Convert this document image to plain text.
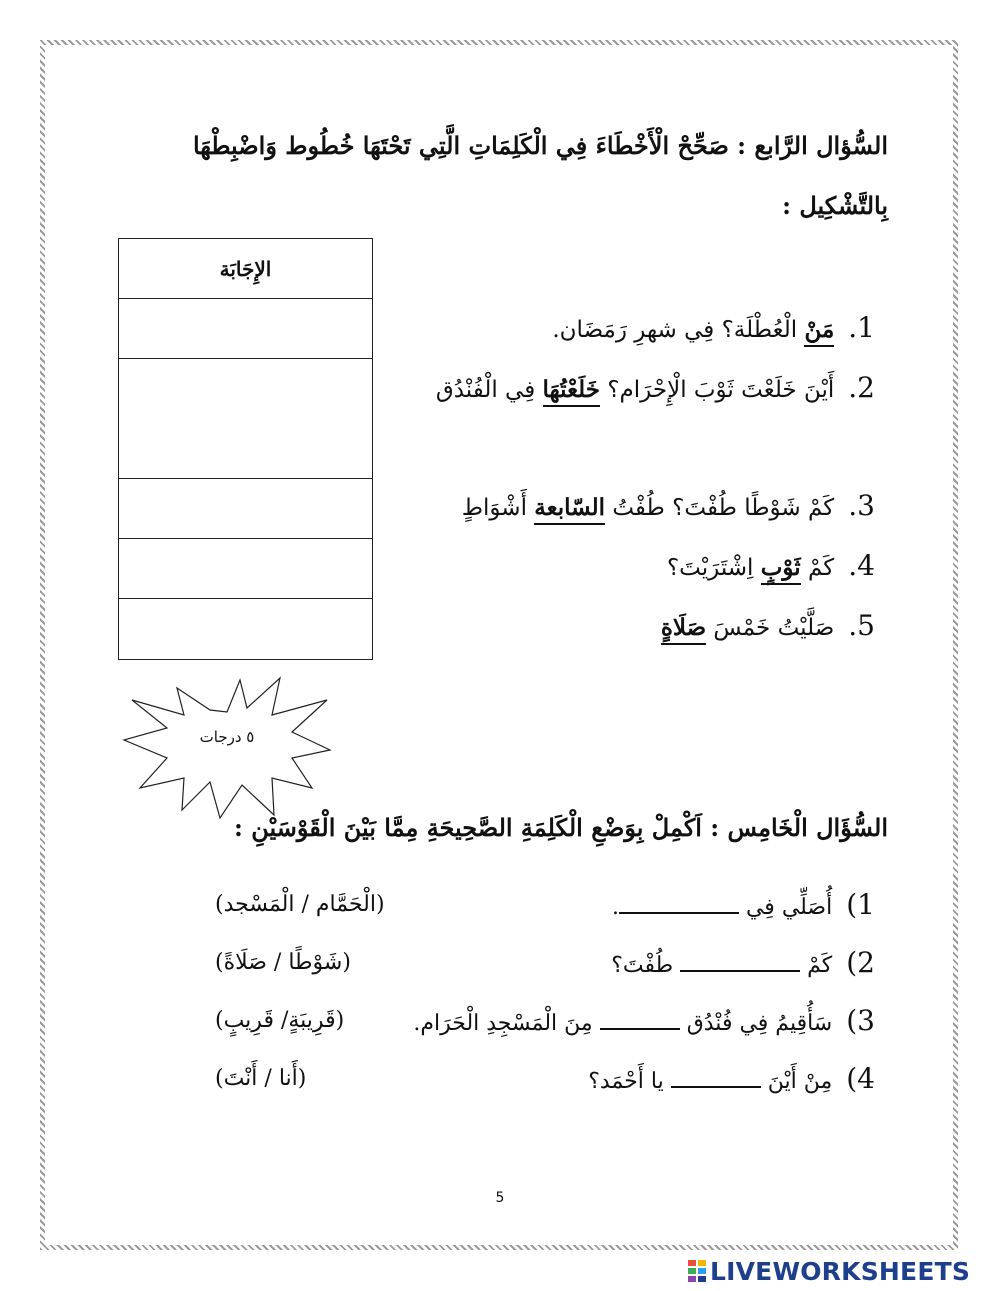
السُّؤال الرَّابع : صَحِّحْ الْأَخْطَاءَ فِي الْكَلِمَاتِ الَّتِي تَحْتَهَا خُطُوط وَاضْبِطْهَا
بِالتَّشْكِيل :
الإِجَابَة

1.مَنْ الْعُطْلَة؟ فِي شهرِ رَمَضَان.
2.أَيْنَ خَلَعْتَ ثَوْبَ الْإِحْرَام؟ خَلَعْتُهَا فِي الْفُنْدُق
3.كَمْ شَوْطًا طُفْتَ؟ طُفْتُ السّابعة أَشْوَاطٍ
4.كَمْ ثَوْبٍ اِشْتَرَيْتَ؟
5.صَلَّيْتُ خَمْسَ صَلَاةٍ
٥ درجات
السُّؤَال الْخَامِس : اَكْمِلْ بِوَضْعِ الْكَلِمَةِ الصَّحِيحَةِ مِمَّا بَيْنَ الْقَوْسَيْنِ :
1)أُصَلِّي فِي .
(الْحَمَّام / الْمَسْجد)
2)كَمْ  طُفْتَ؟
(شَوْطًا / صَلَاةً)
3)سَأُقِيمُ فِي فُنْدُق  مِنَ الْمَسْجِدِ الْحَرَام.
(قَرِيبَةٍ/ قَرِيبٍ)
4)مِنْ أَيْنَ  يا أَحْمَد؟
(أَنا / أَنْتَ)
5
LIVEWORKSHEETS
